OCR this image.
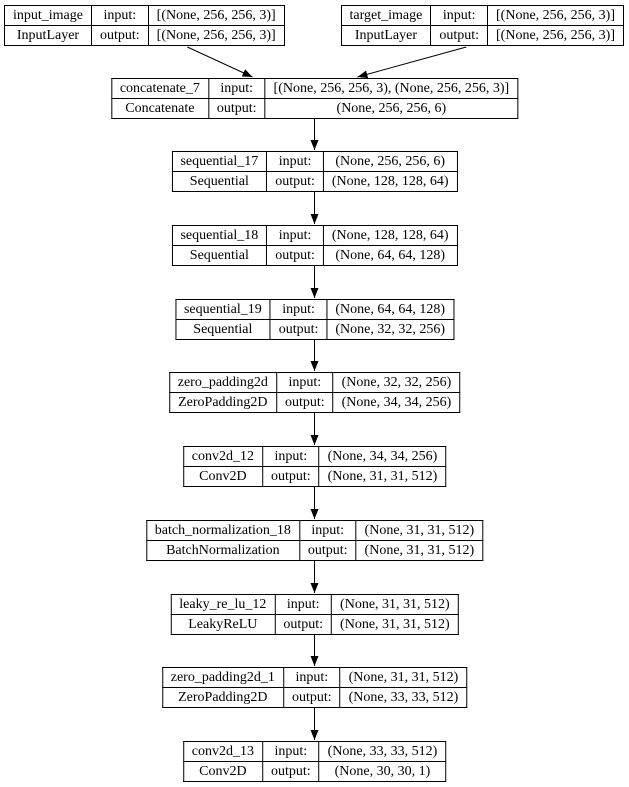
input_image	input:	[(None, 256, 256, 3)]
InputLayer	output:	[(None, 256, 256, 3)]
target_image	input:	[(None, 256, 256, 3)]
InputLayer	output:	[(None, 256, 256, 3)]
concatenate_7	input:	[(None, 256, 256, 3), (None, 256, 256, 3)]
Concatenate	output:	(None, 256, 256, 6)
sequential_17	input:	(None, 256, 256, 6)
Sequential	output:	(None, 128, 128, 64)
sequential_18	input:	(None, 128, 128, 64)
Sequential	output:	(None, 64, 64, 128)
sequential_19	input:	(None, 64, 64, 128)
Sequential	output:	(None, 32, 32, 256)
zero_padding2d	input:	(None, 32, 32, 256)
ZeroPadding2D	output:	(None, 34, 34, 256)
conv2d_12	input:	(None, 34, 34, 256)
Conv2D	output:	(None, 31, 31, 512)
batch_normalization_18	input:	(None, 31, 31, 512)
BatchNormalization	output:	(None, 31, 31, 512)
leaky_re_lu_12	input:	(None, 31, 31, 512)
LeakyReLU	output:	(None, 31, 31, 512)
zero_padding2d_1	input:	(None, 31, 31, 512)
ZeroPadding2D	output:	(None, 33, 33, 512)
conv2d_13	input:	(None, 33, 33, 512)
Conv2D	output:	(None, 30, 30, 1)
